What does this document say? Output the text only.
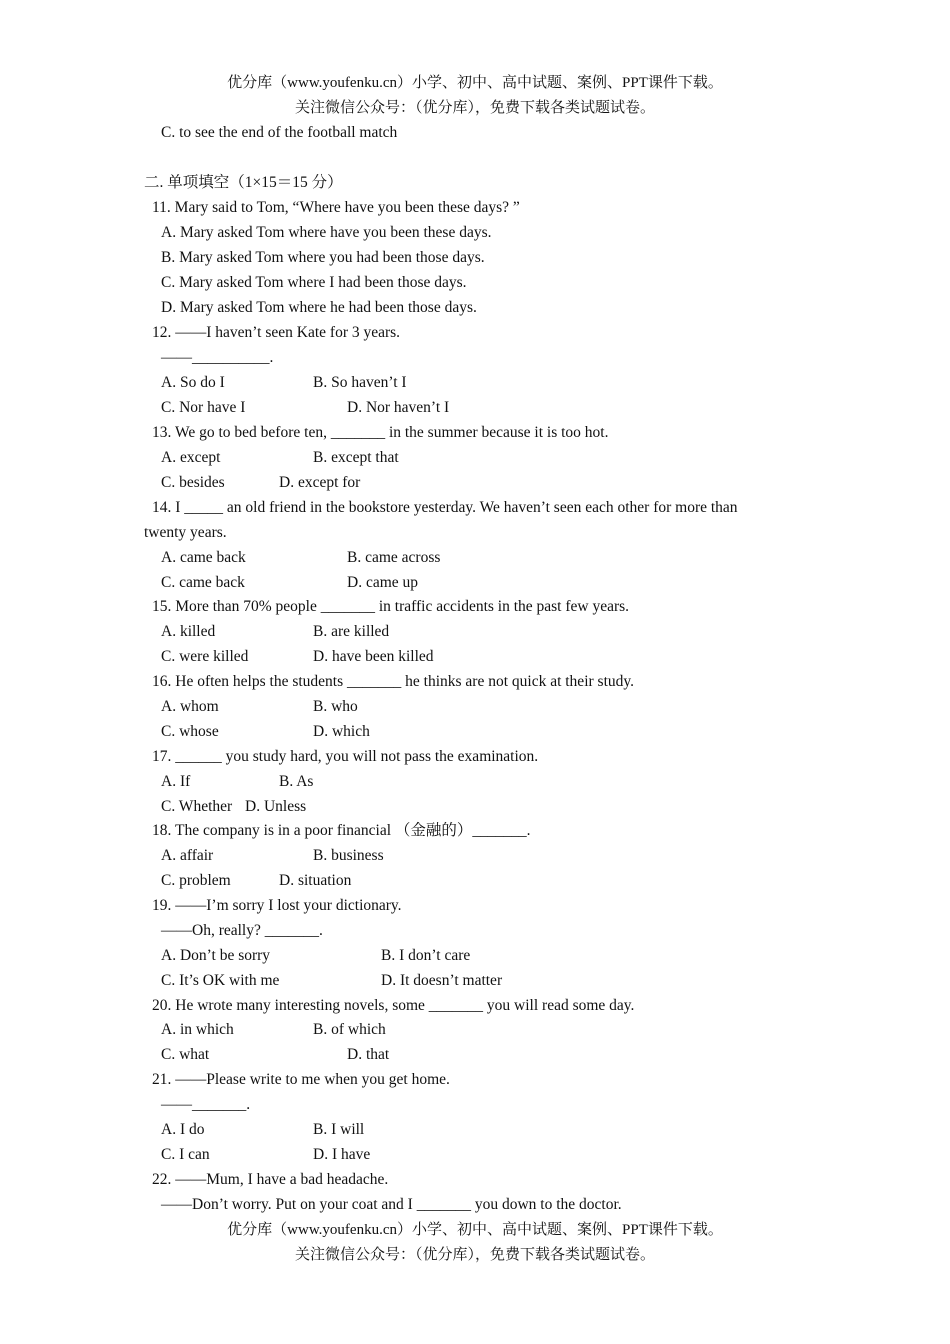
优分库（www.youfenku.cn）小学、初中、高中试题、案例、PPT课件下载。
关注微信公众号：（优分库），免费下载各类试题试卷。
C. to see the end of the football match
二. 单项填空（1×15＝15 分）
11. Mary said to Tom, “Where have you been these days? ”
A. Mary asked Tom where have you been these days.
B. Mary asked Tom where you had been those days.
C. Mary asked Tom where I had been those days.
D. Mary asked Tom where he had been those days.
12. ――I haven’t seen Kate for 3 years.
――__________.
A. So do I	B. So haven’t I
C. Nor have I	D. Nor haven’t I
13. We go to bed before ten, _______ in the summer because it is too hot.
A. except	B. except that
C. besides	D. except for
14. I _____ an old friend in the bookstore yesterday. We haven’t seen each other for more than
twenty years.
A. came back	B. came across
C. came back	D. came up
15. More than 70% people _______ in traffic accidents in the past few years.
A. killed	B. are killed
C. were killed	D. have been killed
16. He often helps the students _______ he thinks are not quick at their study.
A. whom	B. who
C. whose	D. which
17. ______ you study hard, you will not pass the examination.
A. If	B. As
C. Whether D. Unless
18. The company is in a poor financial （金融的）_______.
A. affair	B. business
C. problem	D. situation
19. ――I’m sorry I lost your dictionary.
――Oh, really? _______.
A. Don’t be sorry	B. I don’t care
C. It’s OK with me	D. It doesn’t matter
20. He wrote many interesting novels, some _______ you will read some day.
A. in which	B. of which
C. what	D. that
21. ――Please write to me when you get home.
――_______.
A. I do	B. I will
C. I can	D. I have
22. ――Mum, I have a bad headache.
――Don’t worry. Put on your coat and I _______ you down to the doctor.
优分库（www.youfenku.cn）小学、初中、高中试题、案例、PPT课件下载。
关注微信公众号：（优分库），免费下载各类试题试卷。
